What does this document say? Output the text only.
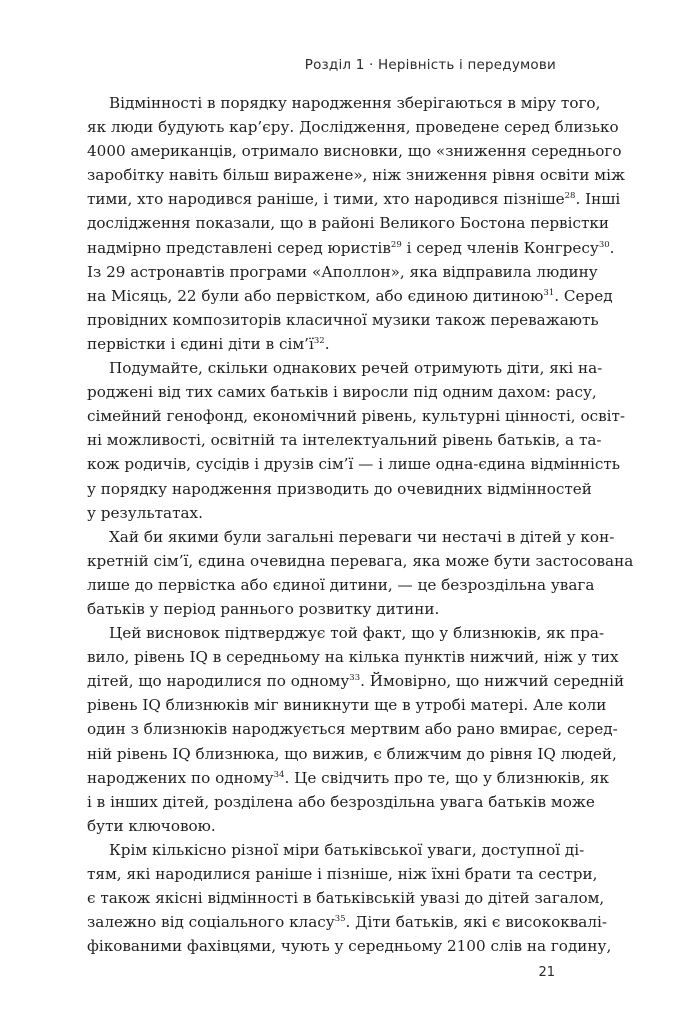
Розділ 1 · Нерівність і передумови
Відмінності в порядку народження зберігаються в міру того,
як люди будують кар’єру. Дослідження, проведене серед близько
4000 американців, отримало висновки, що «зниження середнього
заробітку навіть більш виражене», ніж зниження рівня освіти між
тими, хто народився раніше, і тими, хто народився пізніше$^{28}$. Інші
дослідження показали, що в районі Великого Бостона первістки
надмірно представлені серед юристів$^{29}$ і серед членів Конгресу$^{30}$.
Із 29 астронавтів програми «Аполлон», яка відправила людину
на Місяць, 22 були або первістком, або єдиною дитиною$^{31}$. Серед
провідних композиторів класичної музики також переважають
первістки і єдині діти в $сім’ї^{32}$.
Подумайте, скільки однакових речей отримують діти, які на-
роджені від тих самих батьків і виросли під одним дахом: расу,
сімейний генофонд, економічний рівень, культурні цінності, освіт-
ні можливості, освітній та інтелектуальний рівень батьків, а та-
кож родичів, сусідів і друзів сім’ї — і лише одна-єдина відмінність
у порядку народження призводить до очевидних відмінностей
у результатах.
Хай би якими були загальні переваги чи нестачі в дітей у кон-
кретній сім’ї, єдина очевидна перевага, яка може бути застосована
лише до первістка або єдиної дитини, — це безроздільна увага
батьків у період раннього розвитку дитини.
Цей висновок підтверджує той факт, що у близнюків, як пра-
вило, рівень IQ в середньому на кілька пунктів нижчий, ніж у тих
дітей, що народилися по одному$^{33}$. Ймовірно, що нижчий середній
рівень IQ близнюків міг виникнути ще в утробі матері. Але коли
один з близнюків народжується мертвим або рано вмирає, серед-
ній рівень IQ близнюка, що вижив, є ближчим до рівня IQ людей,
народжених по одному$^{34}$. Це свідчить про те, що у близнюків, як
і в інших дітей, розділена або безроздільна увага батьків може
бути ключовою.
Крім кількісно різної міри батьківської уваги, доступної ді-
тям, які народилися раніше і пізніше, ніж їхні брати та сестри,
є також якісні відмінності в батьківській увазі до дітей загалом,
залежно від соціального класу$^{35}$. Діти батьків, які є висококвалі-
фікованими фахівцями, чують у середньому 2100 слів на годину,
21
